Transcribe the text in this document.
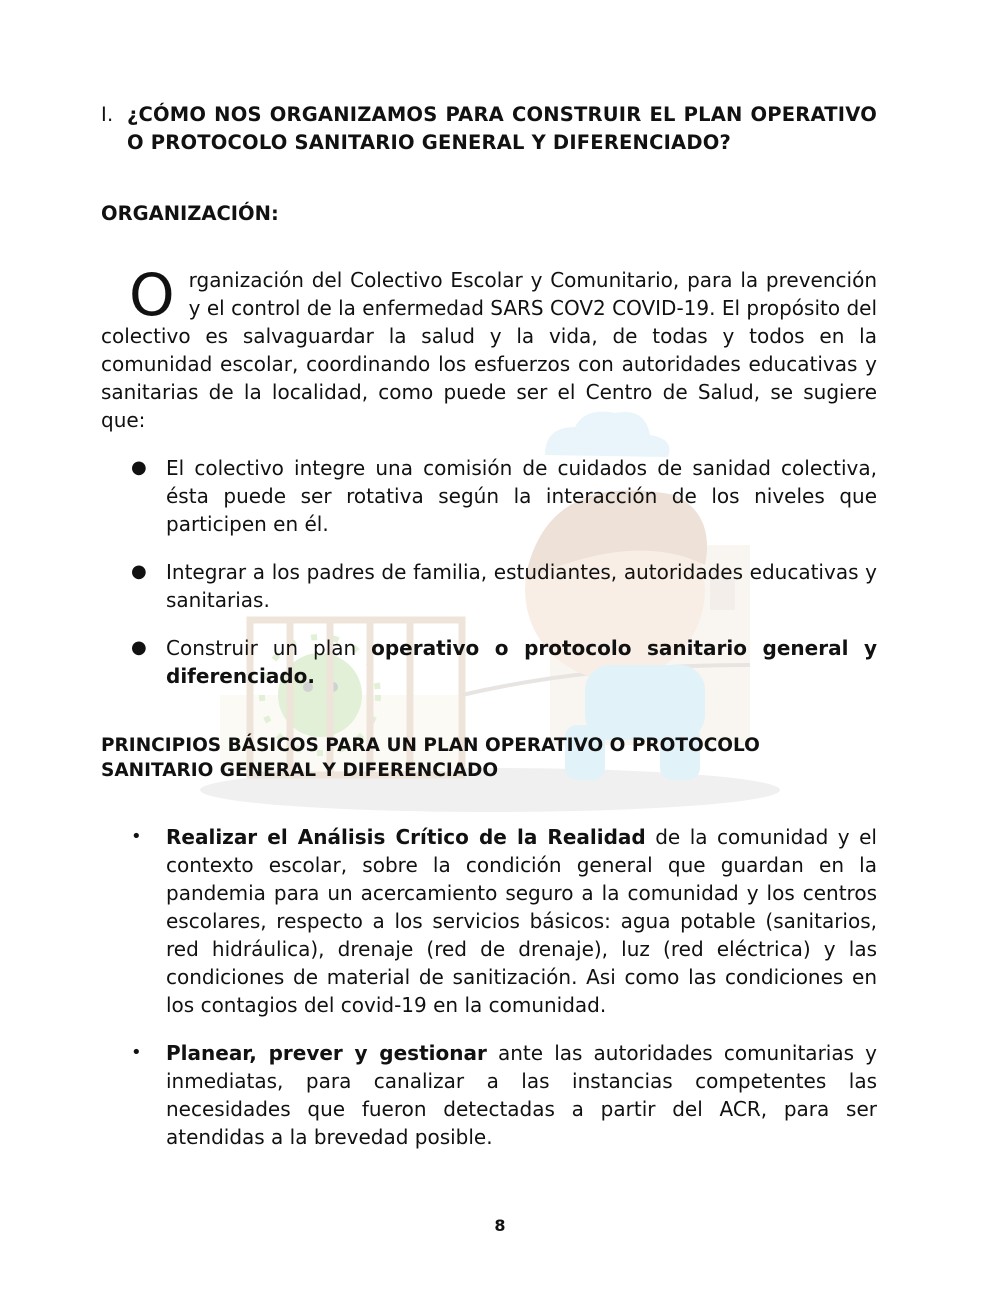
I. ¿CÓMO NOS ORGANIZAMOS PARA CONSTRUIR EL PLAN OPERATIVO O PROTOCOLO SANITARIO GENERAL Y DIFERENCIADO?
ORGANIZACIÓN:
Organización del Colectivo Escolar y Comunitario, para la prevención y el control de la enfermedad SARS COV2 COVID-19. El propósito del colectivo es salvaguardar la salud y la vida, de todas y todos en la comunidad escolar, coordinando los esfuerzos con autoridades educativas y sanitarias de la localidad, como puede ser el Centro de Salud, se sugiere que:
● El colectivo integre una comisión de cuidados de sanidad colectiva, ésta puede ser rotativa según la interacción de los niveles que participen en él.
● Integrar a los padres de familia, estudiantes, autoridades educativas y sanitarias.
● Construir un plan operativo o protocolo sanitario general y diferenciado.
PRINCIPIOS BÁSICOS PARA UN PLAN OPERATIVO O PROTOCOLO SANITARIO GENERAL Y DIFERENCIADO
• Realizar el Análisis Crítico de la Realidad de la comunidad y el contexto escolar, sobre la condición general que guardan en la pandemia para un acercamiento seguro a la comunidad y los centros escolares, respecto a los servicios básicos: agua potable (sanitarios, red hidráulica), drenaje (red de drenaje), luz (red eléctrica) y las condiciones de material de sanitización. Asi como las condiciones en los contagios del covid-19 en la comunidad.
• Planear, prever y gestionar ante las autoridades comunitarias y inmediatas, para canalizar a las instancias competentes las necesidades que fueron detectadas a partir del ACR, para ser atendidas a la brevedad posible.
8
